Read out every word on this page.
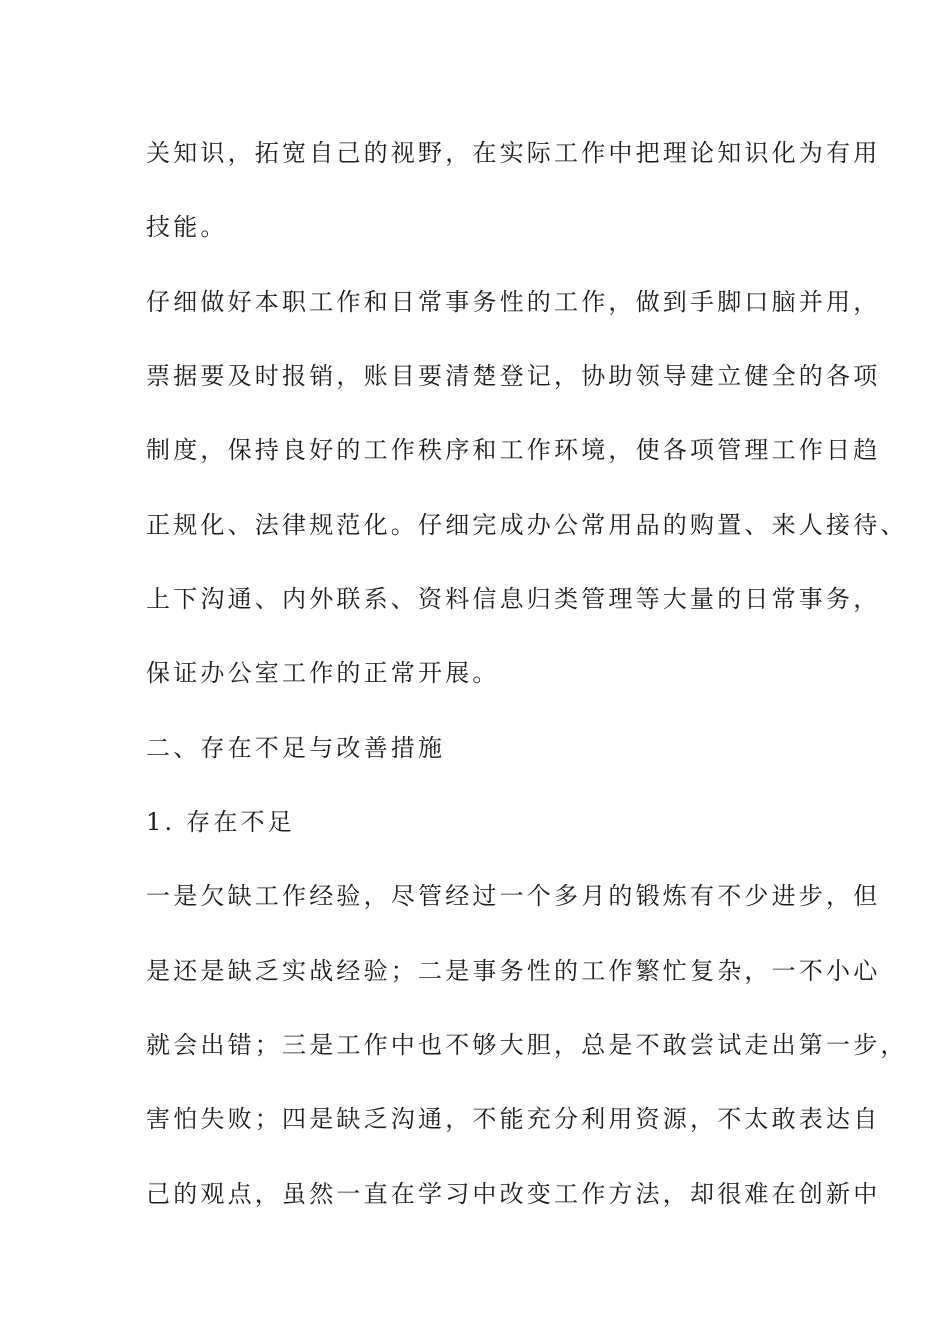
关知识，拓宽自己的视野，在实际工作中把理论知识化为有用
技能。
仔细做好本职工作和日常事务性的工作，做到手脚口脑并用，
票据要及时报销，账目要清楚登记，协助领导建立健全的各项
制度，保持良好的工作秩序和工作环境，使各项管理工作日趋
正规化、法律规范化。仔细完成办公常用品的购置、来人接待、
上下沟通、内外联系、资料信息归类管理等大量的日常事务，
保证办公室工作的正常开展。
二、存在不足与改善措施
1. 存在不足
一是欠缺工作经验，尽管经过一个多月的锻炼有不少进步，但
是还是缺乏实战经验；二是事务性的工作繁忙复杂，一不小心
就会出错；三是工作中也不够大胆，总是不敢尝试走出第一步，
害怕失败；四是缺乏沟通，不能充分利用资源，不太敢表达自
己的观点，虽然一直在学习中改变工作方法，却很难在创新中
